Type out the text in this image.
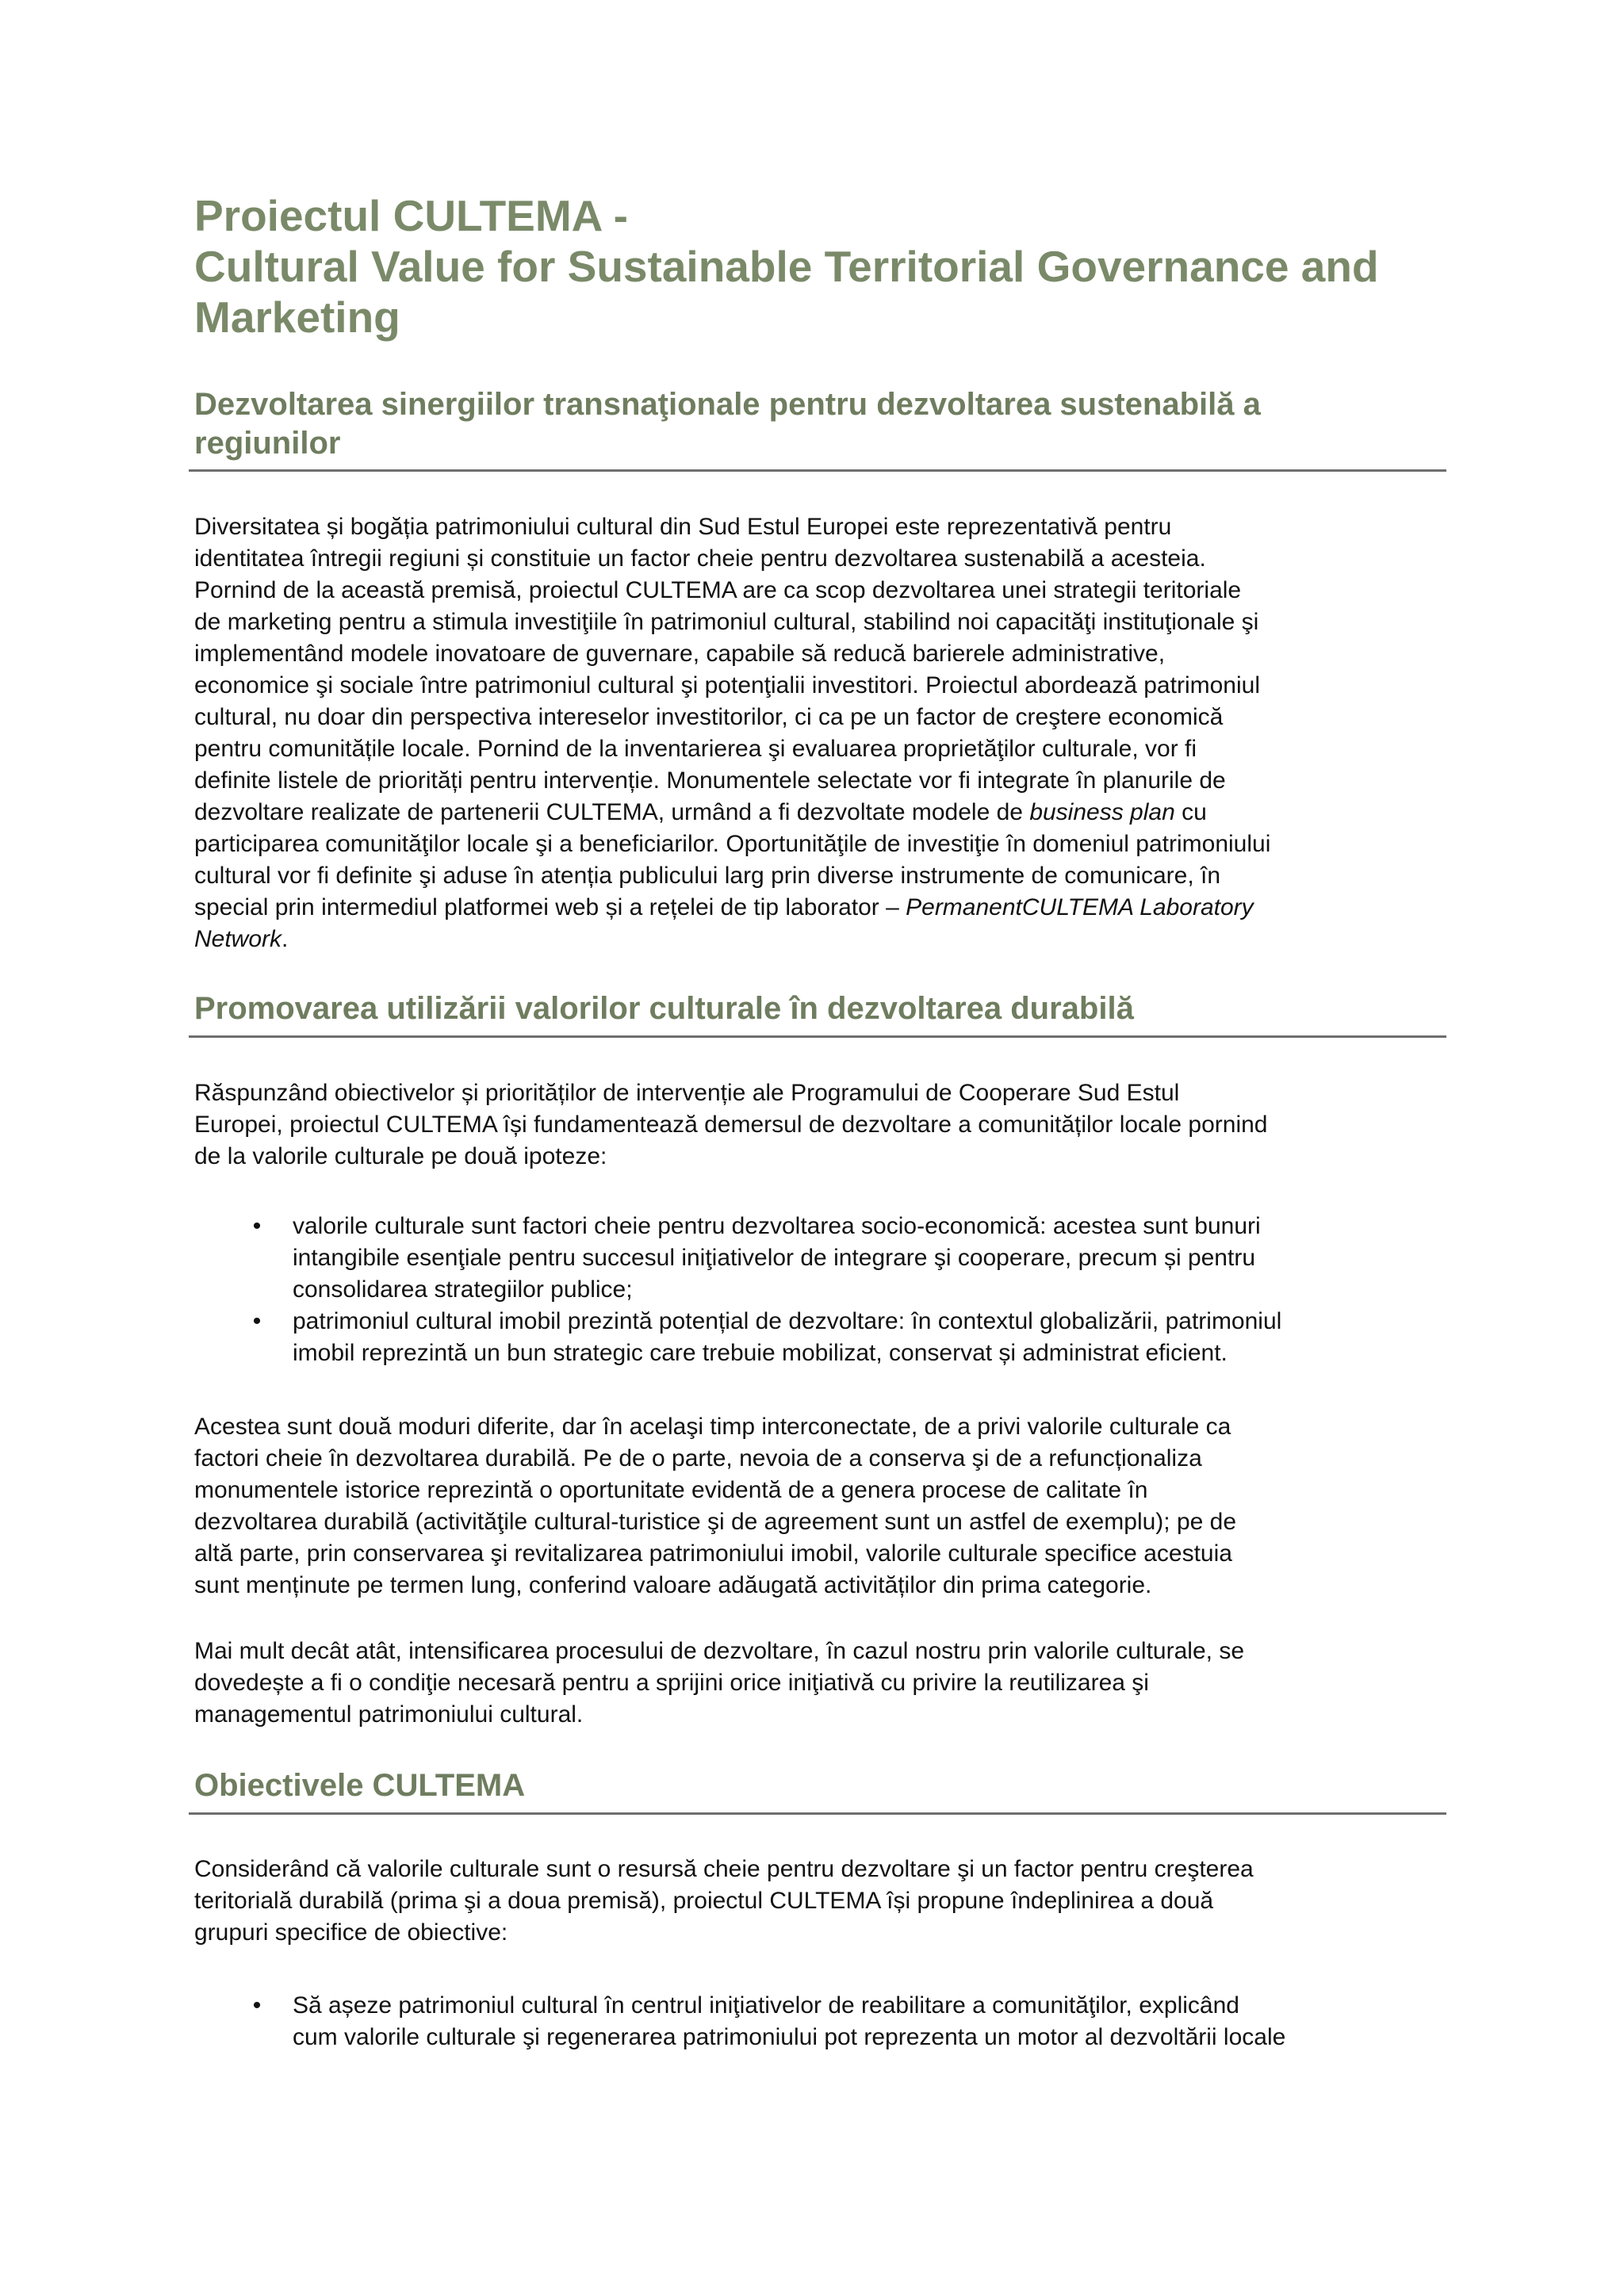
Proiectul CULTEMA -
Cultural Value for Sustainable Territorial Governance and
Marketing
Dezvoltarea sinergiilor transnaţionale pentru dezvoltarea sustenabilă a
regiunilor

Diversitatea și bogăția patrimoniului cultural din Sud Estul Europei este reprezentativă pentru
identitatea întregii regiuni și constituie un factor cheie pentru dezvoltarea sustenabilă a acesteia.
Pornind de la această premisă, proiectul CULTEMA are ca scop dezvoltarea unei strategii teritoriale
de marketing pentru a stimula investiţiile în patrimoniul cultural, stabilind noi capacităţi instituţionale şi
implementând modele inovatoare de guvernare, capabile să reducă barierele administrative,
economice şi sociale între patrimoniul cultural şi potenţialii investitori. Proiectul abordează patrimoniul
cultural, nu doar din perspectiva intereselor investitorilor, ci ca pe un factor de creştere economică
pentru comunitățile locale. Pornind de la inventarierea şi evaluarea proprietăţilor culturale, vor fi
definite listele de priorități pentru intervenție. Monumentele selectate vor fi integrate în planurile de
dezvoltare realizate de partenerii CULTEMA, urmând a fi dezvoltate modele de business plan cu
participarea comunităţilor locale şi a beneficiarilor. Oportunităţile de investiţie în domeniul patrimoniului
cultural vor fi definite şi aduse în atenția publicului larg prin diverse instrumente de comunicare, în
special prin intermediul platformei web și a rețelei de tip laborator – PermanentCULTEMA Laboratory
Network.

Promovarea utilizării valorilor culturale în dezvoltarea durabilă

Răspunzând obiectivelor și priorităților de intervenție ale Programului de Cooperare Sud Estul
Europei, proiectul CULTEMA își fundamentează demersul de dezvoltare a comunităților locale pornind
de la valorile culturale pe două ipoteze:

• valorile culturale sunt factori cheie pentru dezvoltarea socio-economică: acestea sunt bunuri
intangibile esenţiale pentru succesul iniţiativelor de integrare şi cooperare, precum și pentru
consolidarea strategiilor publice;
• patrimoniul cultural imobil prezintă potențial de dezvoltare: în contextul globalizării, patrimoniul
imobil reprezintă un bun strategic care trebuie mobilizat, conservat și administrat eficient.

Acestea sunt două moduri diferite, dar în acelaşi timp interconectate, de a privi valorile culturale ca
factori cheie în dezvoltarea durabilă. Pe de o parte, nevoia de a conserva şi de a refuncționaliza
monumentele istorice reprezintă o oportunitate evidentă de a genera procese de calitate în
dezvoltarea durabilă (activităţile cultural-turistice şi de agreement sunt un astfel de exemplu); pe de
altă parte, prin conservarea şi revitalizarea patrimoniului imobil, valorile culturale specifice acestuia
sunt menținute pe termen lung, conferind valoare adăugată activităților din prima categorie.

Mai mult decât atât, intensificarea procesului de dezvoltare, în cazul nostru prin valorile culturale, se
dovedește a fi o condiţie necesară pentru a sprijini orice iniţiativă cu privire la reutilizarea şi
managementul patrimoniului cultural.

Obiectivele CULTEMA

Considerând că valorile culturale sunt o resursă cheie pentru dezvoltare şi un factor pentru creşterea
teritorială durabilă (prima şi a doua premisă), proiectul CULTEMA își propune îndeplinirea a două
grupuri specifice de obiective:

• Să așeze patrimoniul cultural în centrul iniţiativelor de reabilitare a comunităţilor, explicând
cum valorile culturale şi regenerarea patrimoniului pot reprezenta un motor al dezvoltării locale
